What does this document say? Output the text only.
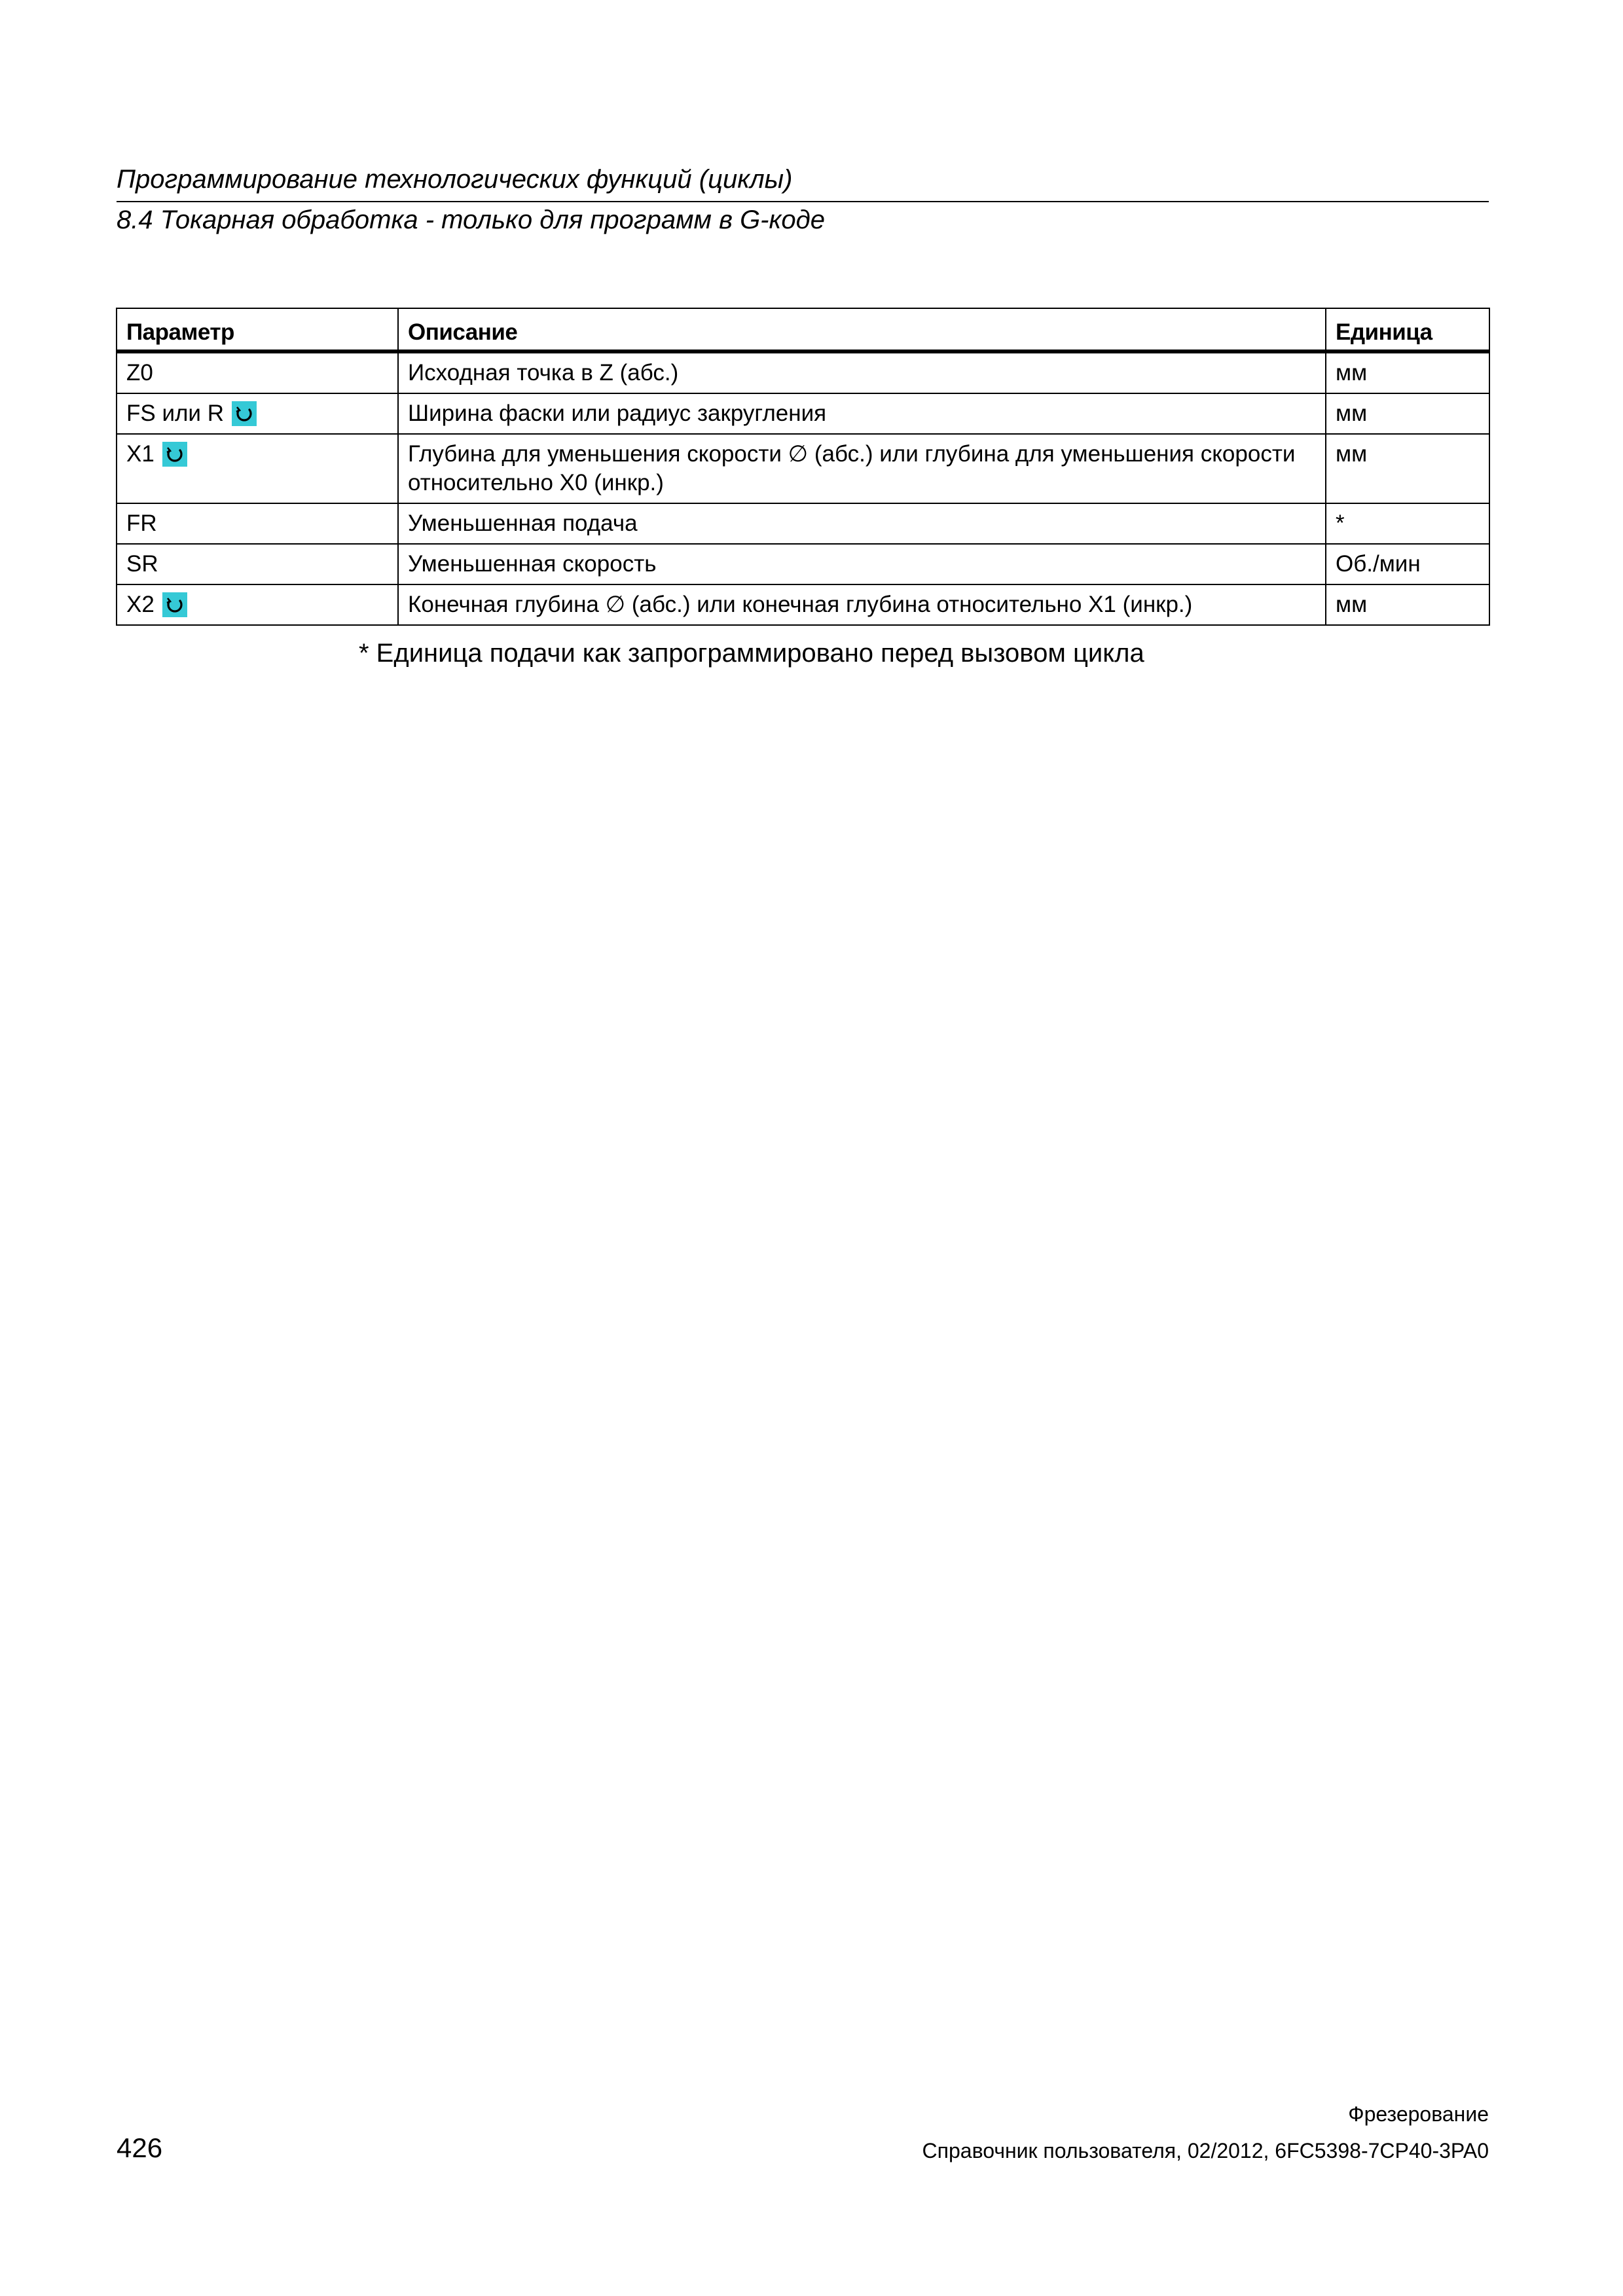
Программирование технологических функций (циклы)
8.4 Токарная обработка - только для программ в G-коде
Параметр	Описание	Единица
Z0	Исходная точка в Z (абс.)	мм
FS или R	Ширина фаски или радиус закругления	мм
X1	Глубина для уменьшения скорости ∅ (абс.) или глубина для уменьшения скорости относительно X0 (инкр.)	мм
FR	Уменьшенная подача	*
SR	Уменьшенная скорость	Об./мин
X2	Конечная глубина ∅ (абс.) или конечная глубина относительно X1 (инкр.)	мм
* Единица подачи как запрограммировано перед вызовом цикла
Фрезерование
426	Справочник пользователя, 02/2012, 6FC5398-7CP40-3PA0
